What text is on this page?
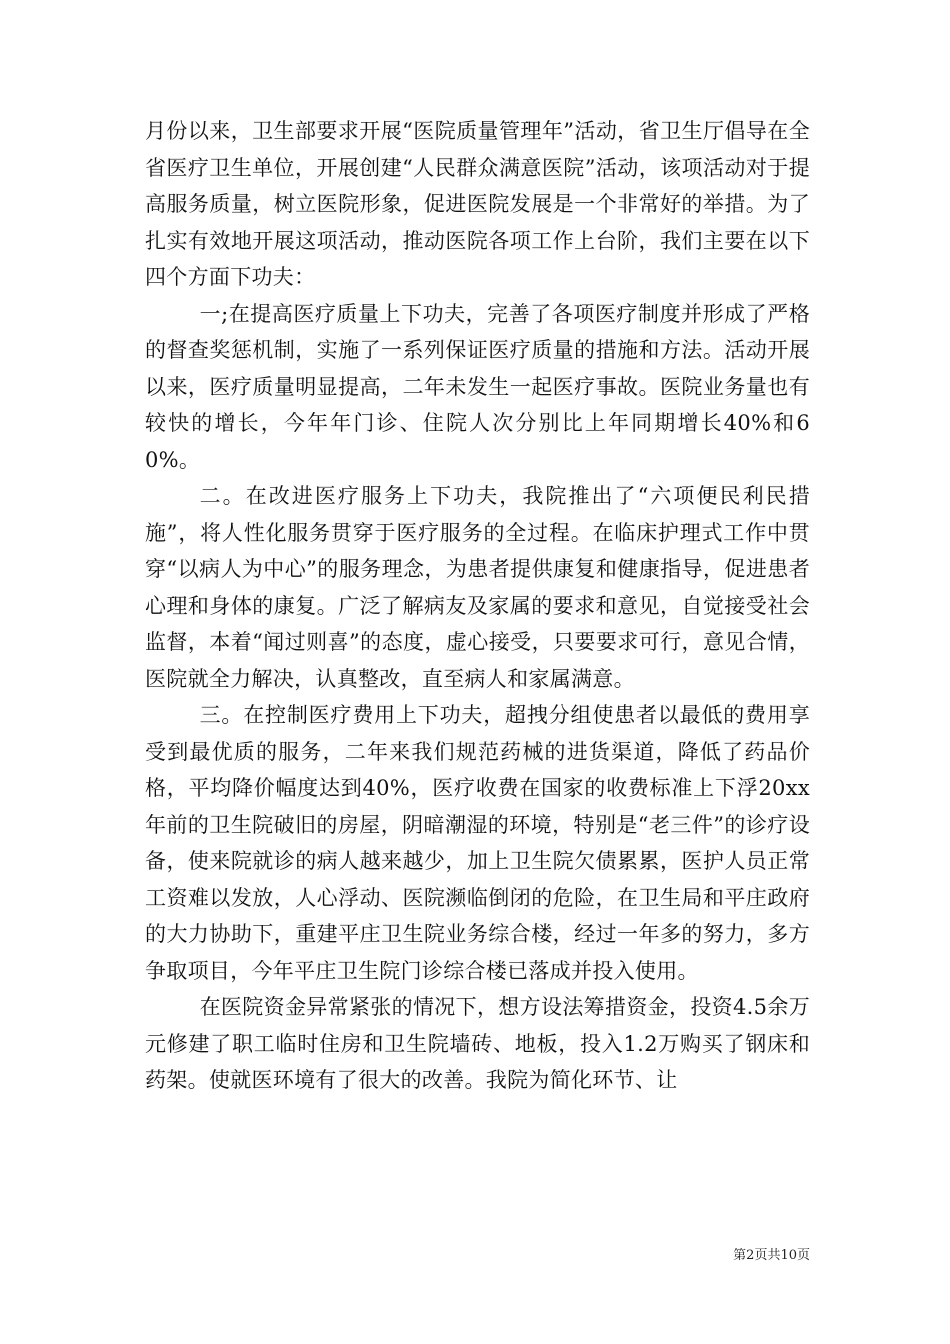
月份以来，卫生部要求开展“医院质量管理年”活动，省卫生厅倡导在全省医疗卫生单位，开展创建“人民群众满意医院”活动，该项活动对于提高服务质量，树立医院形象，促进医院发展是一个非常好的举措。为了扎实有效地开展这项活动，推动医院各项工作上台阶，我们主要在以下四个方面下功夫：

一;在提高医疗质量上下功夫，完善了各项医疗制度并形成了严格的督查奖惩机制，实施了一系列保证医疗质量的措施和方法。活动开展以来，医疗质量明显提高，二年未发生一起医疗事故。医院业务量也有较快的增长，今年年门诊、住院人次分别比上年同期增长40%和60%。

二。在改进医疗服务上下功夫，我院推出了“六项便民利民措施”，将人性化服务贯穿于医疗服务的全过程。在临床护理式工作中贯穿“以病人为中心”的服务理念，为患者提供康复和健康指导，促进患者心理和身体的康复。广泛了解病友及家属的要求和意见，自觉接受社会监督，本着“闻过则喜”的态度，虚心接受，只要要求可行，意见合情，医院就全力解决，认真整改，直至病人和家属满意。

三。在控制医疗费用上下功夫，超拽分组使患者以最低的费用享受到最优质的服务，二年来我们规范药械的进货渠道，降低了药品价格，平均降价幅度达到40%，医疗收费在国家的收费标准上下浮20xx年前的卫生院破旧的房屋，阴暗潮湿的环境，特别是“老三件”的诊疗设备，使来院就诊的病人越来越少，加上卫生院欠债累累，医护人员正常工资难以发放，人心浮动、医院濒临倒闭的危险，在卫生局和平庄政府的大力协助下，重建平庄卫生院业务综合楼，经过一年多的努力，多方争取项目，今年平庄卫生院门诊综合楼已落成并投入使用。

在医院资金异常紧张的情况下，想方设法筹措资金，投资4.5余万元修建了职工临时住房和卫生院墙砖、地板，投入1.2万购买了钢床和药架。使就医环境有了很大的改善。我院为简化环节、让

第2页共10页
